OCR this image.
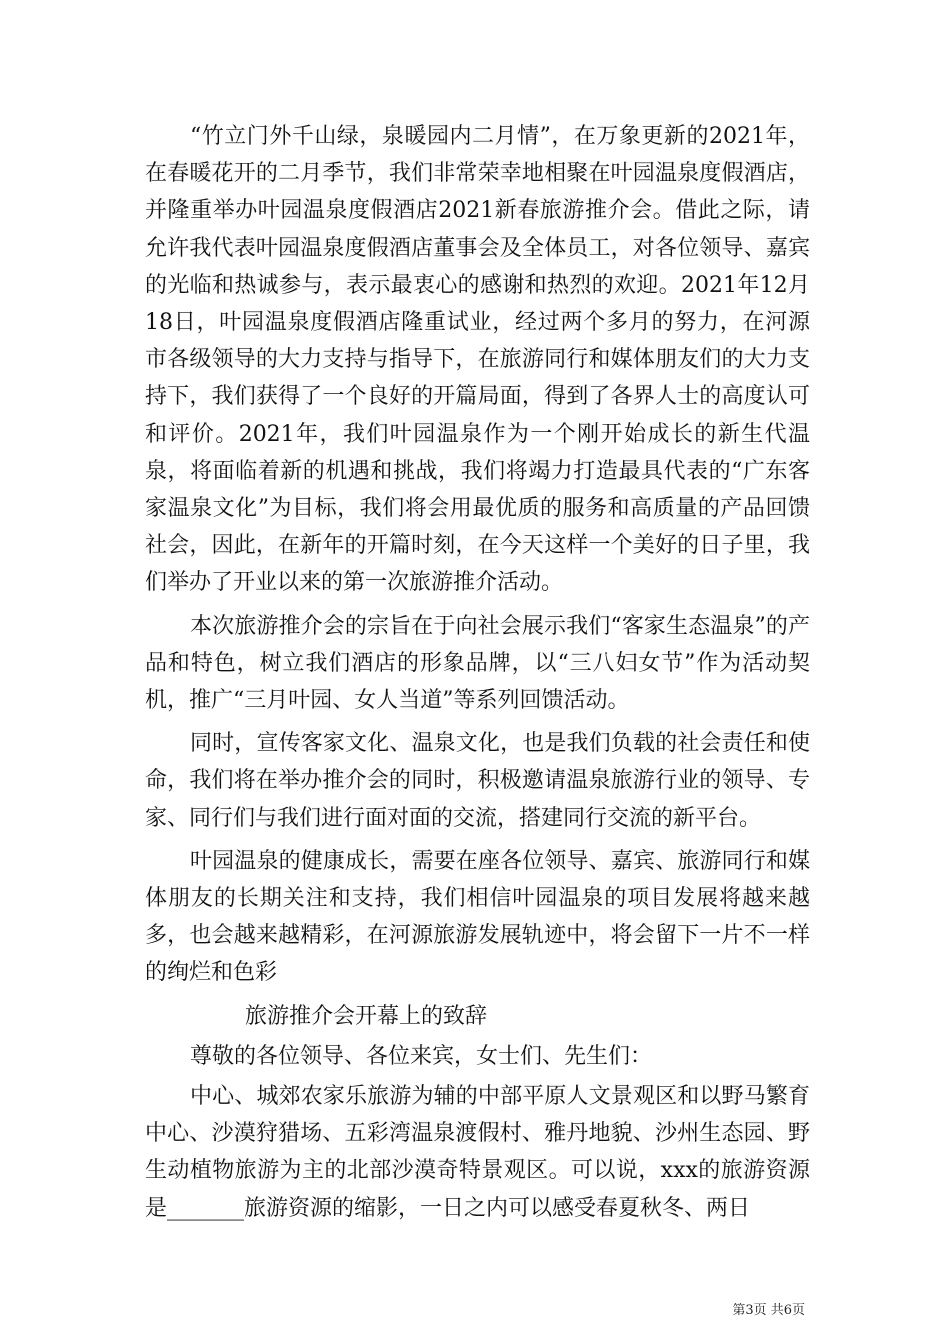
“竹立门外千山绿，泉暖园内二月情”，在万象更新的2021年，在春暖花开的二月季节，我们非常荣幸地相聚在叶园温泉度假酒店，并隆重举办叶园温泉度假酒店2021新春旅游推介会。借此之际，请允许我代表叶园温泉度假酒店董事会及全体员工，对各位领导、嘉宾的光临和热诚参与，表示最衷心的感谢和热烈的欢迎。2021年12月18日，叶园温泉度假酒店隆重试业，经过两个多月的努力，在河源市各级领导的大力支持与指导下，在旅游同行和媒体朋友们的大力支持下，我们获得了一个良好的开篇局面，得到了各界人士的高度认可和评价。2021年，我们叶园温泉作为一个刚开始成长的新生代温泉，将面临着新的机遇和挑战，我们将竭力打造最具代表的“广东客家温泉文化”为目标，我们将会用最优质的服务和高质量的产品回馈社会，因此，在新年的开篇时刻，在今天这样一个美好的日子里，我们举办了开业以来的第一次旅游推介活动。

本次旅游推介会的宗旨在于向社会展示我们“客家生态温泉”的产品和特色，树立我们酒店的形象品牌，以“三八妇女节”作为活动契机，推广“三月叶园、女人当道”等系列回馈活动。

同时，宣传客家文化、温泉文化，也是我们负载的社会责任和使命，我们将在举办推介会的同时，积极邀请温泉旅游行业的领导、专家、同行们与我们进行面对面的交流，搭建同行交流的新平台。

叶园温泉的健康成长，需要在座各位领导、嘉宾、旅游同行和媒体朋友的长期关注和支持，我们相信叶园温泉的项目发展将越来越多，也会越来越精彩，在河源旅游发展轨迹中，将会留下一片不一样的绚烂和色彩

旅游推介会开幕上的致辞

尊敬的各位领导、各位来宾，女士们、先生们：

中心、城郊农家乐旅游为辅的中部平原人文景观区和以野马繁育中心、沙漠狩猎场、五彩湾温泉渡假村、雅丹地貌、沙州生态园、野生动植物旅游为主的北部沙漠奇特景观区。可以说，xxx的旅游资源是_______旅游资源的缩影，一日之内可以感受春夏秋冬、两日

第3页 共6页
